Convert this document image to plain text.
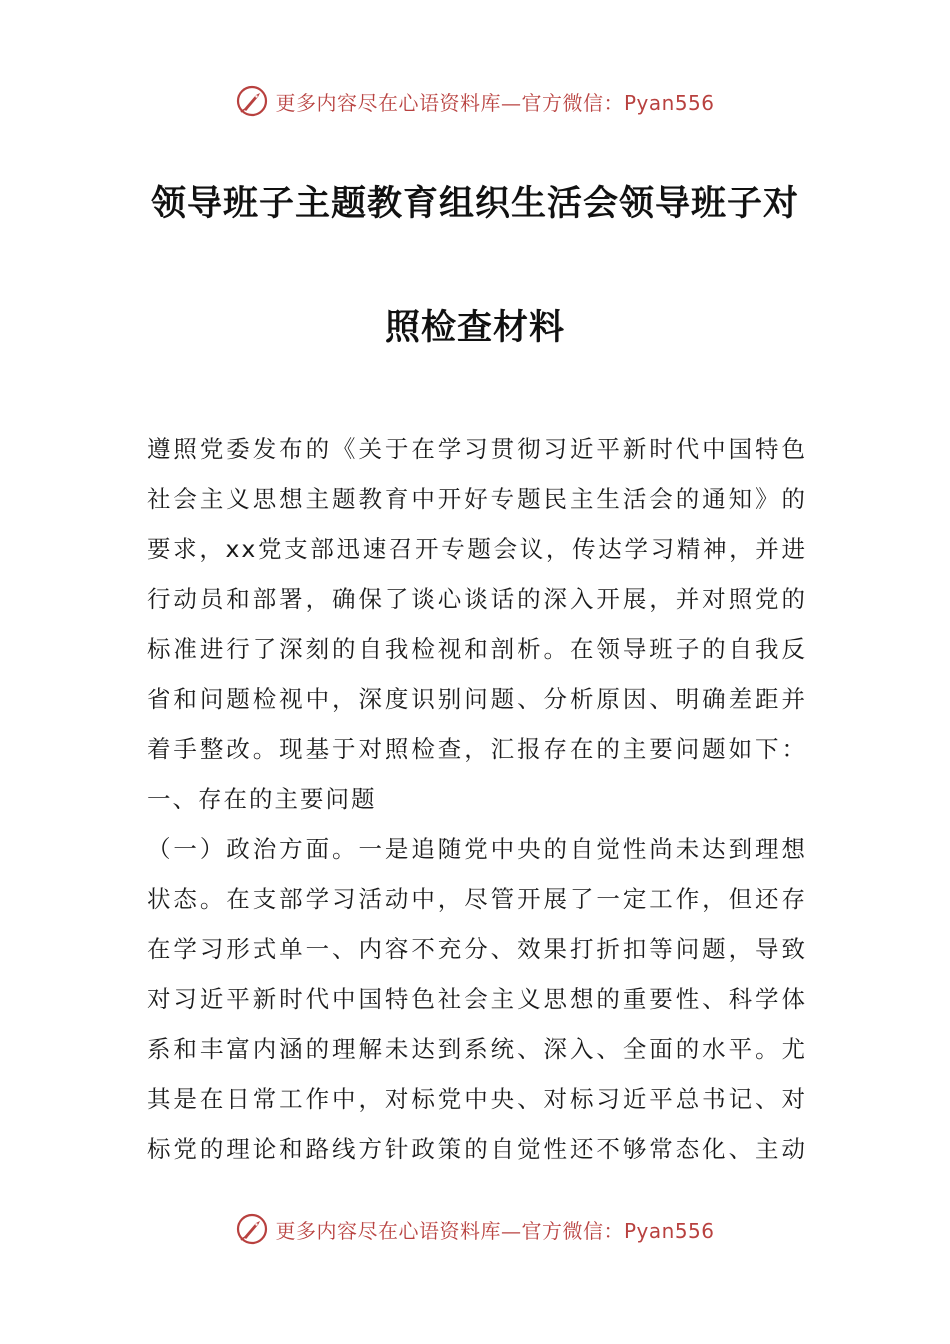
更多内容尽在心语资料库—官方微信：Pyan556
领导班子主题教育组织生活会领导班子对
照检查材料
遵照党委发布的《关于在学习贯彻习近平新时代中国特色
社会主义思想主题教育中开好专题民主生活会的通知》的
要求，xx党支部迅速召开专题会议，传达学习精神，并进
行动员和部署，确保了谈心谈话的深入开展，并对照党的
标准进行了深刻的自我检视和剖析。在领导班子的自我反
省和问题检视中，深度识别问题、分析原因、明确差距并
着手整改。现基于对照检查，汇报存在的主要问题如下：
一、存在的主要问题
（一）政治方面。一是追随党中央的自觉性尚未达到理想
状态。在支部学习活动中，尽管开展了一定工作，但还存
在学习形式单一、内容不充分、效果打折扣等问题，导致
对习近平新时代中国特色社会主义思想的重要性、科学体
系和丰富内涵的理解未达到系统、深入、全面的水平。尤
其是在日常工作中，对标党中央、对标习近平总书记、对
标党的理论和路线方针政策的自觉性还不够常态化、主动
更多内容尽在心语资料库—官方微信：Pyan556
